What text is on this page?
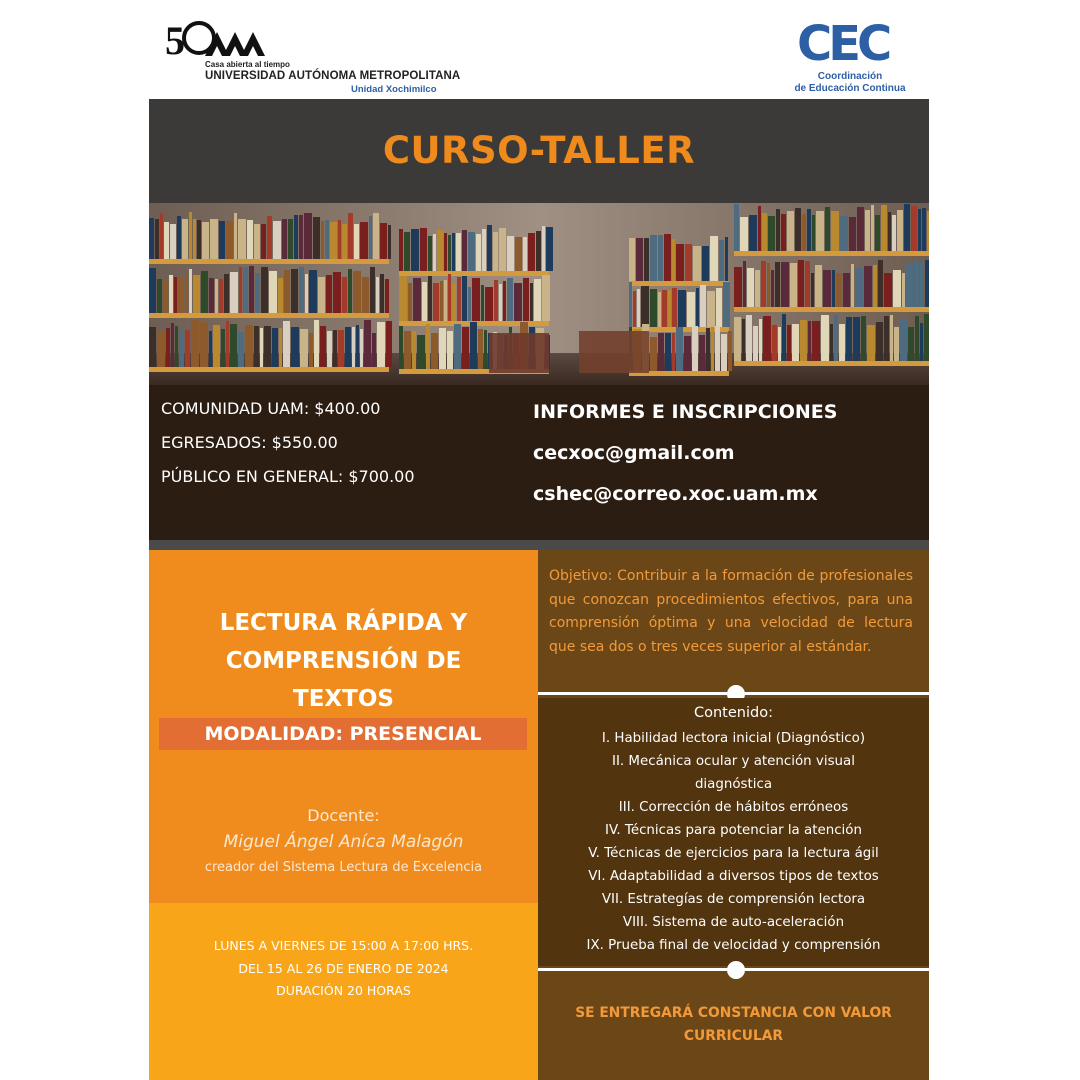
5
Casa abierta al tiempo
UNIVERSIDAD AUTÓNOMA METROPOLITANA
Unidad Xochimilco
CEC
Coordinación
de Educación Continua
CURSO-TALLER
COMUNIDAD UAM: $400.00
EGRESADOS: $550.00
PÚBLICO EN GENERAL: $700.00
INFORMES E INSCRIPCIONES
cecxoc@gmail.com
cshec@correo.xoc.uam.mx
LECTURA RÁPIDA Y
COMPRENSIÓN DE
TEXTOS
MODALIDAD: PRESENCIAL
Docente:
Miguel Ángel Aníca Malagón
creador del SIstema Lectura de Excelencia
LUNES A VIERNES DE 15:00 A 17:00 HRS.
DEL 15 AL 26 DE ENERO DE 2024
DURACIÓN 20 HORAS
Objetivo: Contribuir a la formación de profesionales que conozcan procedimientos efectivos, para una comprensión óptima y una velocidad de lectura que sea dos o tres veces superior al estándar.
Contenido:
I. Habilidad lectora inicial (Diagnóstico)
II. Mecánica ocular y atención visual
diagnóstica
III. Corrección de hábitos erróneos
IV. Técnicas para potenciar la atención
V. Técnicas de ejercicios para la lectura ágil
VI. Adaptabilidad a diversos tipos de textos
VII. Estrategías de comprensión lectora
VIII. Sistema de auto-aceleración
IX. Prueba final de velocidad y comprensión
SE ENTREGARÁ CONSTANCIA CON VALOR
CURRICULAR
